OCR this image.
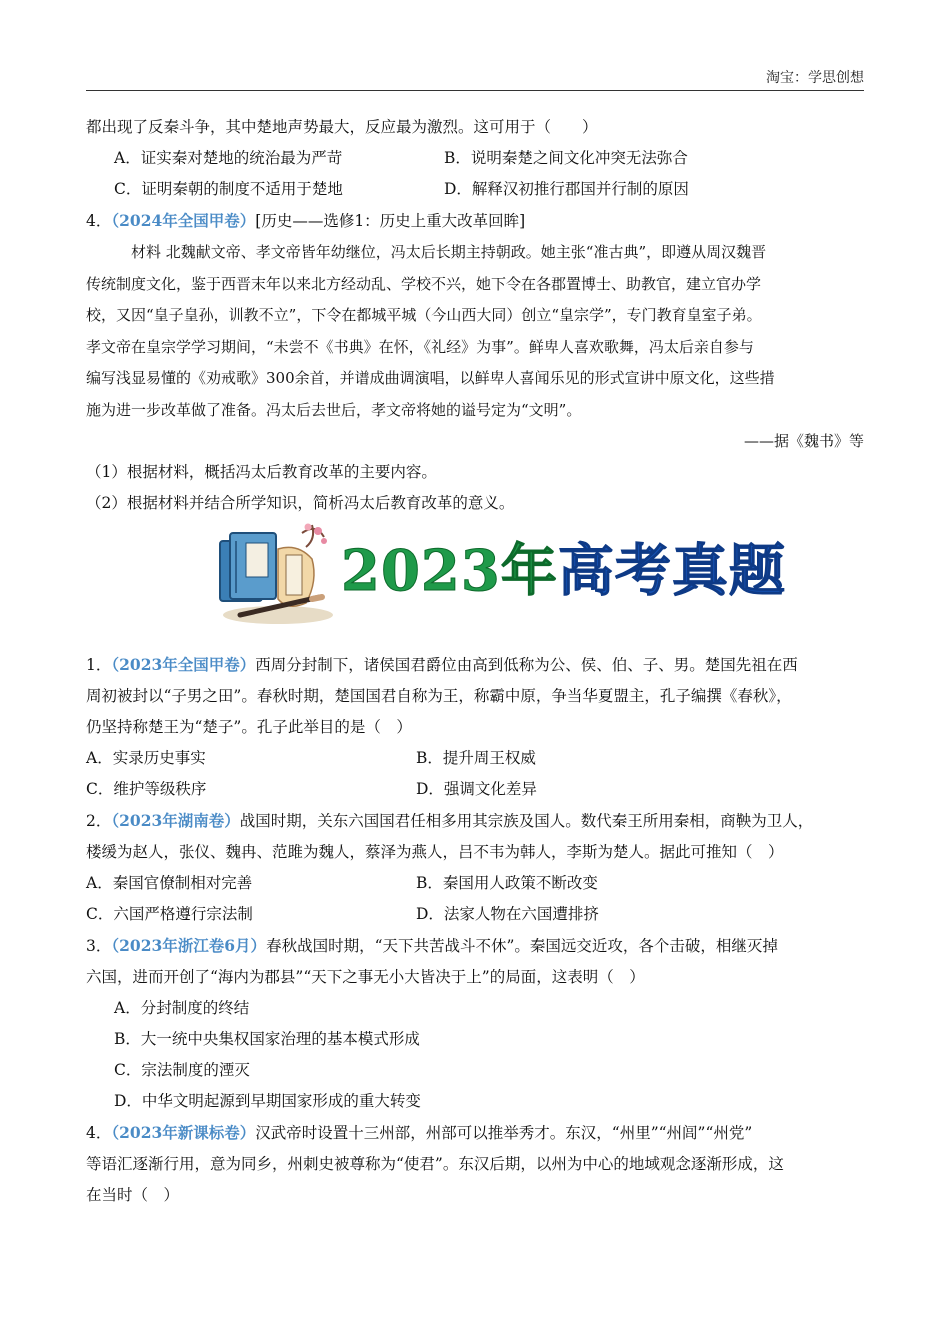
淘宝：学思创想
都出现了反秦斗争，其中楚地声势最大，反应最为激烈。这可用于（　　）
A．证实秦对楚地的统治最为严苛	B．说明秦楚之间文化冲突无法弥合
C．证明秦朝的制度不适用于楚地	D．解释汉初推行郡国并行制的原因
4．（2024年全国甲卷）[历史——选修1：历史上重大改革回眸]
材料 北魏献文帝、孝文帝皆年幼继位，冯太后长期主持朝政。她主张“准古典”，即遵从周汉魏晋
传统制度文化，鉴于西晋末年以来北方经动乱、学校不兴，她下令在各郡置博士、助教官，建立官办学
校，又因“皇子皇孙，训教不立”，下令在都城平城（今山西大同）创立“皇宗学”，专门教育皇室子弟。
孝文帝在皇宗学学习期间，“未尝不《书典》在怀，《礼经》为事”。鲜卑人喜欢歌舞，冯太后亲自参与
编写浅显易懂的《劝戒歌》300余首，并谱成曲调演唱，以鲜卑人喜闻乐见的形式宣讲中原文化，这些措
施为进一步改革做了准备。冯太后去世后，孝文帝将她的谥号定为“文明”。
——据《魏书》等
（1）根据材料，概括冯太后教育改革的主要内容。
（2）根据材料并结合所学知识，简析冯太后教育改革的意义。
2023年高考真题
1．（2023年全国甲卷）西周分封制下，诸侯国君爵位由高到低称为公、侯、伯、子、男。楚国先祖在西
周初被封以“子男之田”。春秋时期，楚国国君自称为王，称霸中原，争当华夏盟主，孔子编撰《春秋》，
仍坚持称楚王为“楚子”。孔子此举目的是（　）
A．实录历史事实	B．提升周王权威
C．维护等级秩序	D．强调文化差异
2．（2023年湖南卷）战国时期，关东六国国君任相多用其宗族及国人。数代秦王所用秦相，商鞅为卫人，
楼缓为赵人，张仪、魏冉、范雎为魏人，蔡泽为燕人，吕不韦为韩人，李斯为楚人。据此可推知（　）
A．秦国官僚制相对完善	B．秦国用人政策不断改变
C．六国严格遵行宗法制	D．法家人物在六国遭排挤
3．（2023年浙江卷6月）春秋战国时期，“天下共苦战斗不休”。秦国远交近攻，各个击破，相继灭掉
六国，进而开创了“海内为郡县”“天下之事无小大皆决于上”的局面，这表明（　）
A．分封制度的终结
B．大一统中央集权国家治理的基本模式形成
C．宗法制度的湮灭
D．中华文明起源到早期国家形成的重大转变
4．（2023年新课标卷）汉武帝时设置十三州部，州部可以推举秀才。东汉，“州里”“州闾”“州党”
等语汇逐渐行用，意为同乡，州刺史被尊称为“使君”。东汉后期，以州为中心的地域观念逐渐形成，这
在当时（　）
